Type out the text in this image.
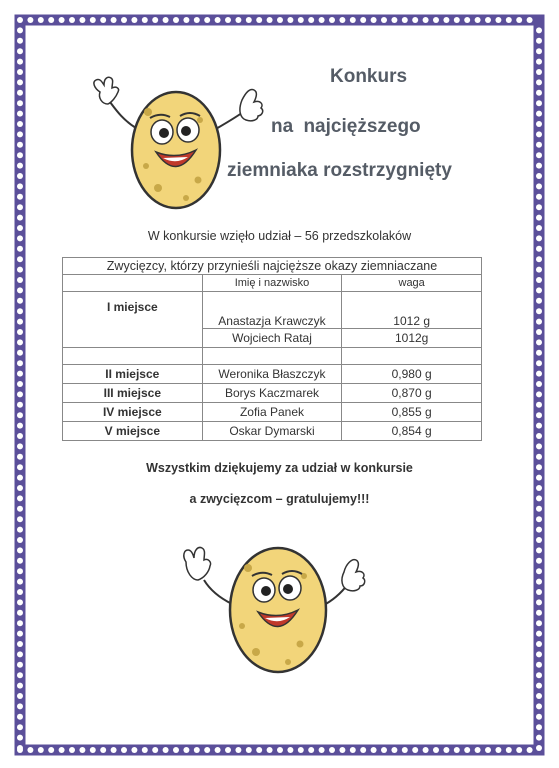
Konkurs
na najcięższego
ziemniaka rozstrzygnięty
W konkursie wzięło udział – 56 przedszkolaków
Zwycięzcy, którzy przynieśli najcięższe okazy ziemniaczane		
	Imię i nazwisko	waga
I miejsce	Anastazja Krawczyk	1012 g
	Wojciech Rataj	1012g

II miejsce	Weronika Błaszczyk	0,980 g
III miejsce	Borys Kaczmarek	0,870 g
IV miejsce	Zofia Panek	0,855 g
V miejsce	Oskar Dymarski	0,854 g
Wszystkim dziękujemy za udział w konkursie
a zwycięzcom – gratulujemy!!!
